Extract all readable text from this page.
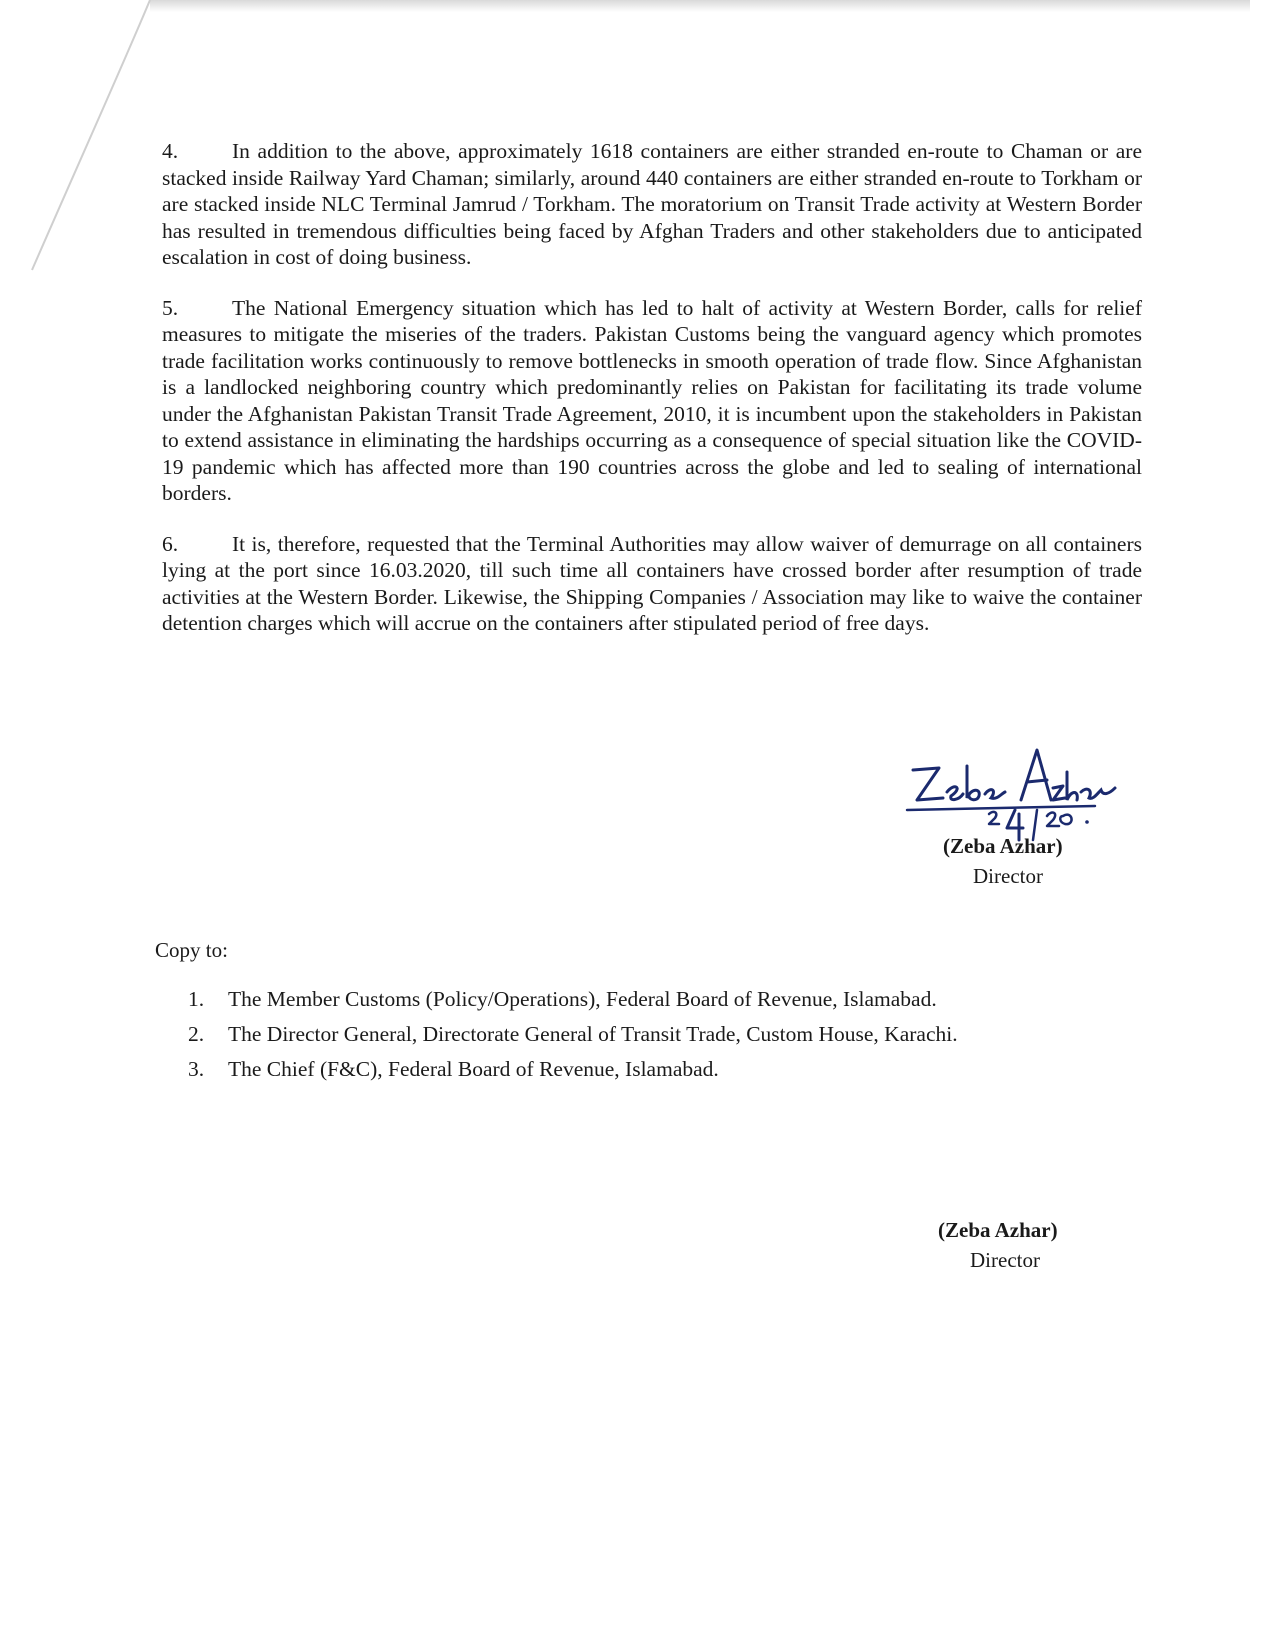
4.	In addition to the above, approximately 1618 containers are either stranded en-route to Chaman or are stacked inside Railway Yard Chaman; similarly, around 440 containers are either stranded en-route to Torkham or are stacked inside NLC Terminal Jamrud / Torkham. The moratorium on Transit Trade activity at Western Border has resulted in tremendous difficulties being faced by Afghan Traders and other stakeholders due to anticipated escalation in cost of doing business.

5.	The National Emergency situation which has led to halt of activity at Western Border, calls for relief measures to mitigate the miseries of the traders. Pakistan Customs being the vanguard agency which promotes trade facilitation works continuously to remove bottlenecks in smooth operation of trade flow. Since Afghanistan is a landlocked neighboring country which predominantly relies on Pakistan for facilitating its trade volume under the Afghanistan Pakistan Transit Trade Agreement, 2010, it is incumbent upon the stakeholders in Pakistan to extend assistance in eliminating the hardships occurring as a consequence of special situation like the COVID-19 pandemic which has affected more than 190 countries across the globe and led to sealing of international borders.

6.	It is, therefore, requested that the Terminal Authorities may allow waiver of demurrage on all containers lying at the port since 16.03.2020, till such time all containers have crossed border after resumption of trade activities at the Western Border. Likewise, the Shipping Companies / Association may like to waive the container detention charges which will accrue on the containers after stipulated period of free days.

(Zeba Azhar)
Director
Copy to:
1. The Member Customs (Policy/Operations), Federal Board of Revenue, Islamabad.
2. The Director General, Directorate General of Transit Trade, Custom House, Karachi.
3. The Chief (F&C), Federal Board of Revenue, Islamabad.
(Zeba Azhar)
Director
